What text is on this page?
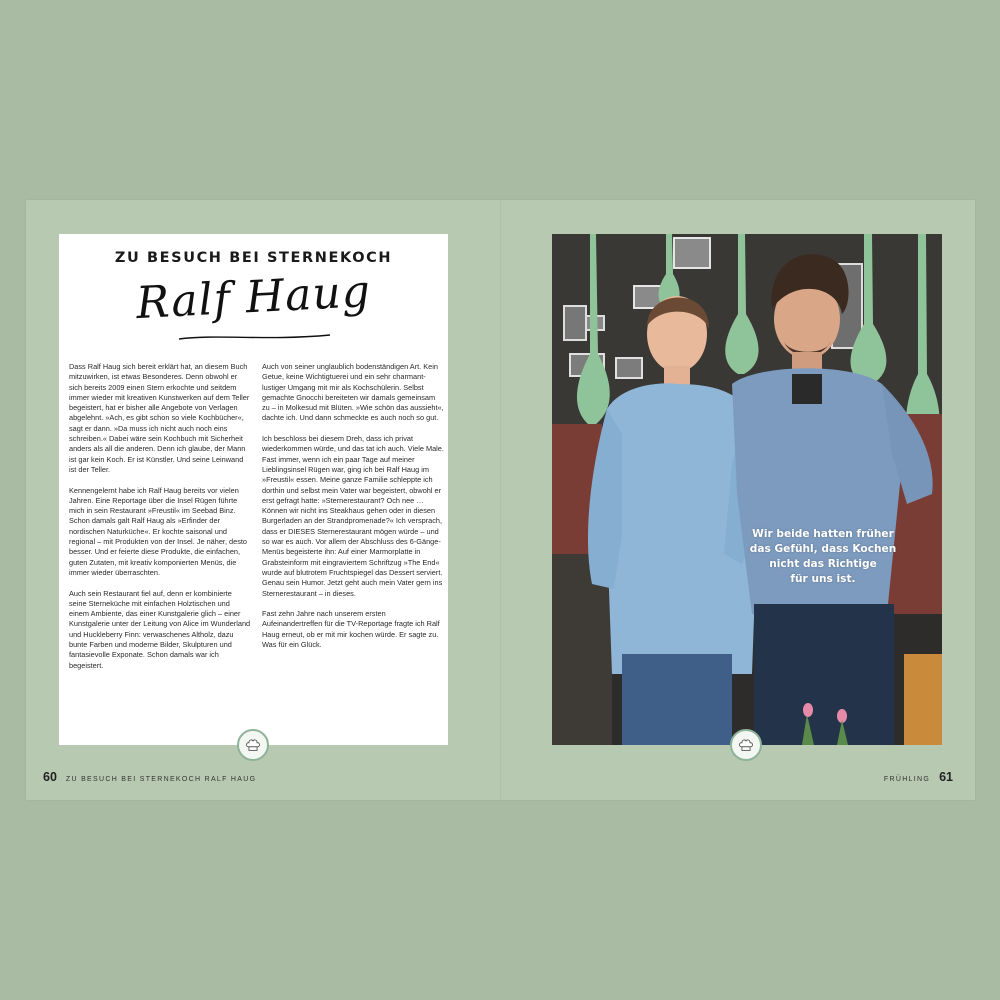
ZU BESUCH BEI STERNEKOCH
Ralf Haug

Dass Ralf Haug sich bereit erklärt hat, an diesem Buch mitzuwirken, ist etwas Besonderes. Denn obwohl er sich bereits 2009 einen Stern erkochte und seitdem immer wieder mit kreativen Kunstwerken auf dem Teller begeistert, hat er bisher alle Angebote von Verlagen abgelehnt. »Ach, es gibt schon so viele Kochbücher«, sagt er dann. »Da muss ich nicht auch noch eins schreiben.« Dabei wäre sein Kochbuch mit Sicherheit anders als all die anderen. Denn ich glaube, der Mann ist gar kein Koch. Er ist Künstler. Und seine Leinwand ist der Teller.

Kennengelernt habe ich Ralf Haug bereits vor vielen Jahren. Eine Reportage über die Insel Rügen führte mich in sein Restaurant »Freustil« im Seebad Binz. Schon damals galt Ralf Haug als »Erfinder der nordischen Naturküche«. Er kochte saisonal und regional – mit Produkten von der Insel. Je näher, desto besser. Und er feierte diese Produkte, die einfachen, guten Zutaten, mit kreativ komponierten Menüs, die immer wieder überraschten.

Auch sein Restaurant fiel auf, denn er kombinierte seine Sterneküche mit einfachen Holztischen und einem Ambiente, das einer Kunstgalerie glich – einer Kunstgalerie unter der Leitung von Alice im Wunderland und Huckleberry Finn: verwaschenes Altholz, dazu bunte Farben und moderne Bilder, Skulpturen und fantasievolle Exponate. Schon damals war ich begeistert.

Auch von seiner unglaublich bodenständigen Art. Kein Getue, keine Wichtigtuerei und ein sehr charmant-lustiger Umgang mit mir als Kochschülerin. Selbst gemachte Gnocchi bereiteten wir damals gemeinsam zu – in Molkesud mit Blüten. »Wie schön das aussieht«, dachte ich. Und dann schmeckte es auch noch so gut.

Ich beschloss bei diesem Dreh, dass ich privat wiederkommen würde, und das tat ich auch. Viele Male. Fast immer, wenn ich ein paar Tage auf meiner Lieblingsinsel Rügen war, ging ich bei Ralf Haug im »Freustil« essen. Meine ganze Familie schleppte ich dorthin und selbst mein Vater war begeistert, obwohl er erst gefragt hatte: »Sternerestaurant? Och nee … Können wir nicht ins Steakhaus gehen oder in diesen Burgerladen an der Strandpromenade?« Ich versprach, dass er DIESES Sternerestaurant mögen würde – und so war es auch. Vor allem der Abschluss des 6-Gänge-Menüs begeisterte ihn: Auf einer Marmorplatte in Grabsteinform mit eingraviertem Schriftzug »The End« wurde auf blutrotem Fruchtspiegel das Dessert serviert. Genau sein Humor. Jetzt geht auch mein Vater gern ins Sternerestaurant – in dieses.

Fast zehn Jahre nach unserem ersten Aufeinandertreffen für die TV-Reportage fragte ich Ralf Haug erneut, ob er mit mir kochen würde. Er sagte zu. Was für ein Glück.

60 ZU BESUCH BEI STERNEKOCH RALF HAUG
Wir beide hatten früher
das Gefühl, dass Kochen
nicht das Richtige
für uns ist.
FRÜHLING 61
